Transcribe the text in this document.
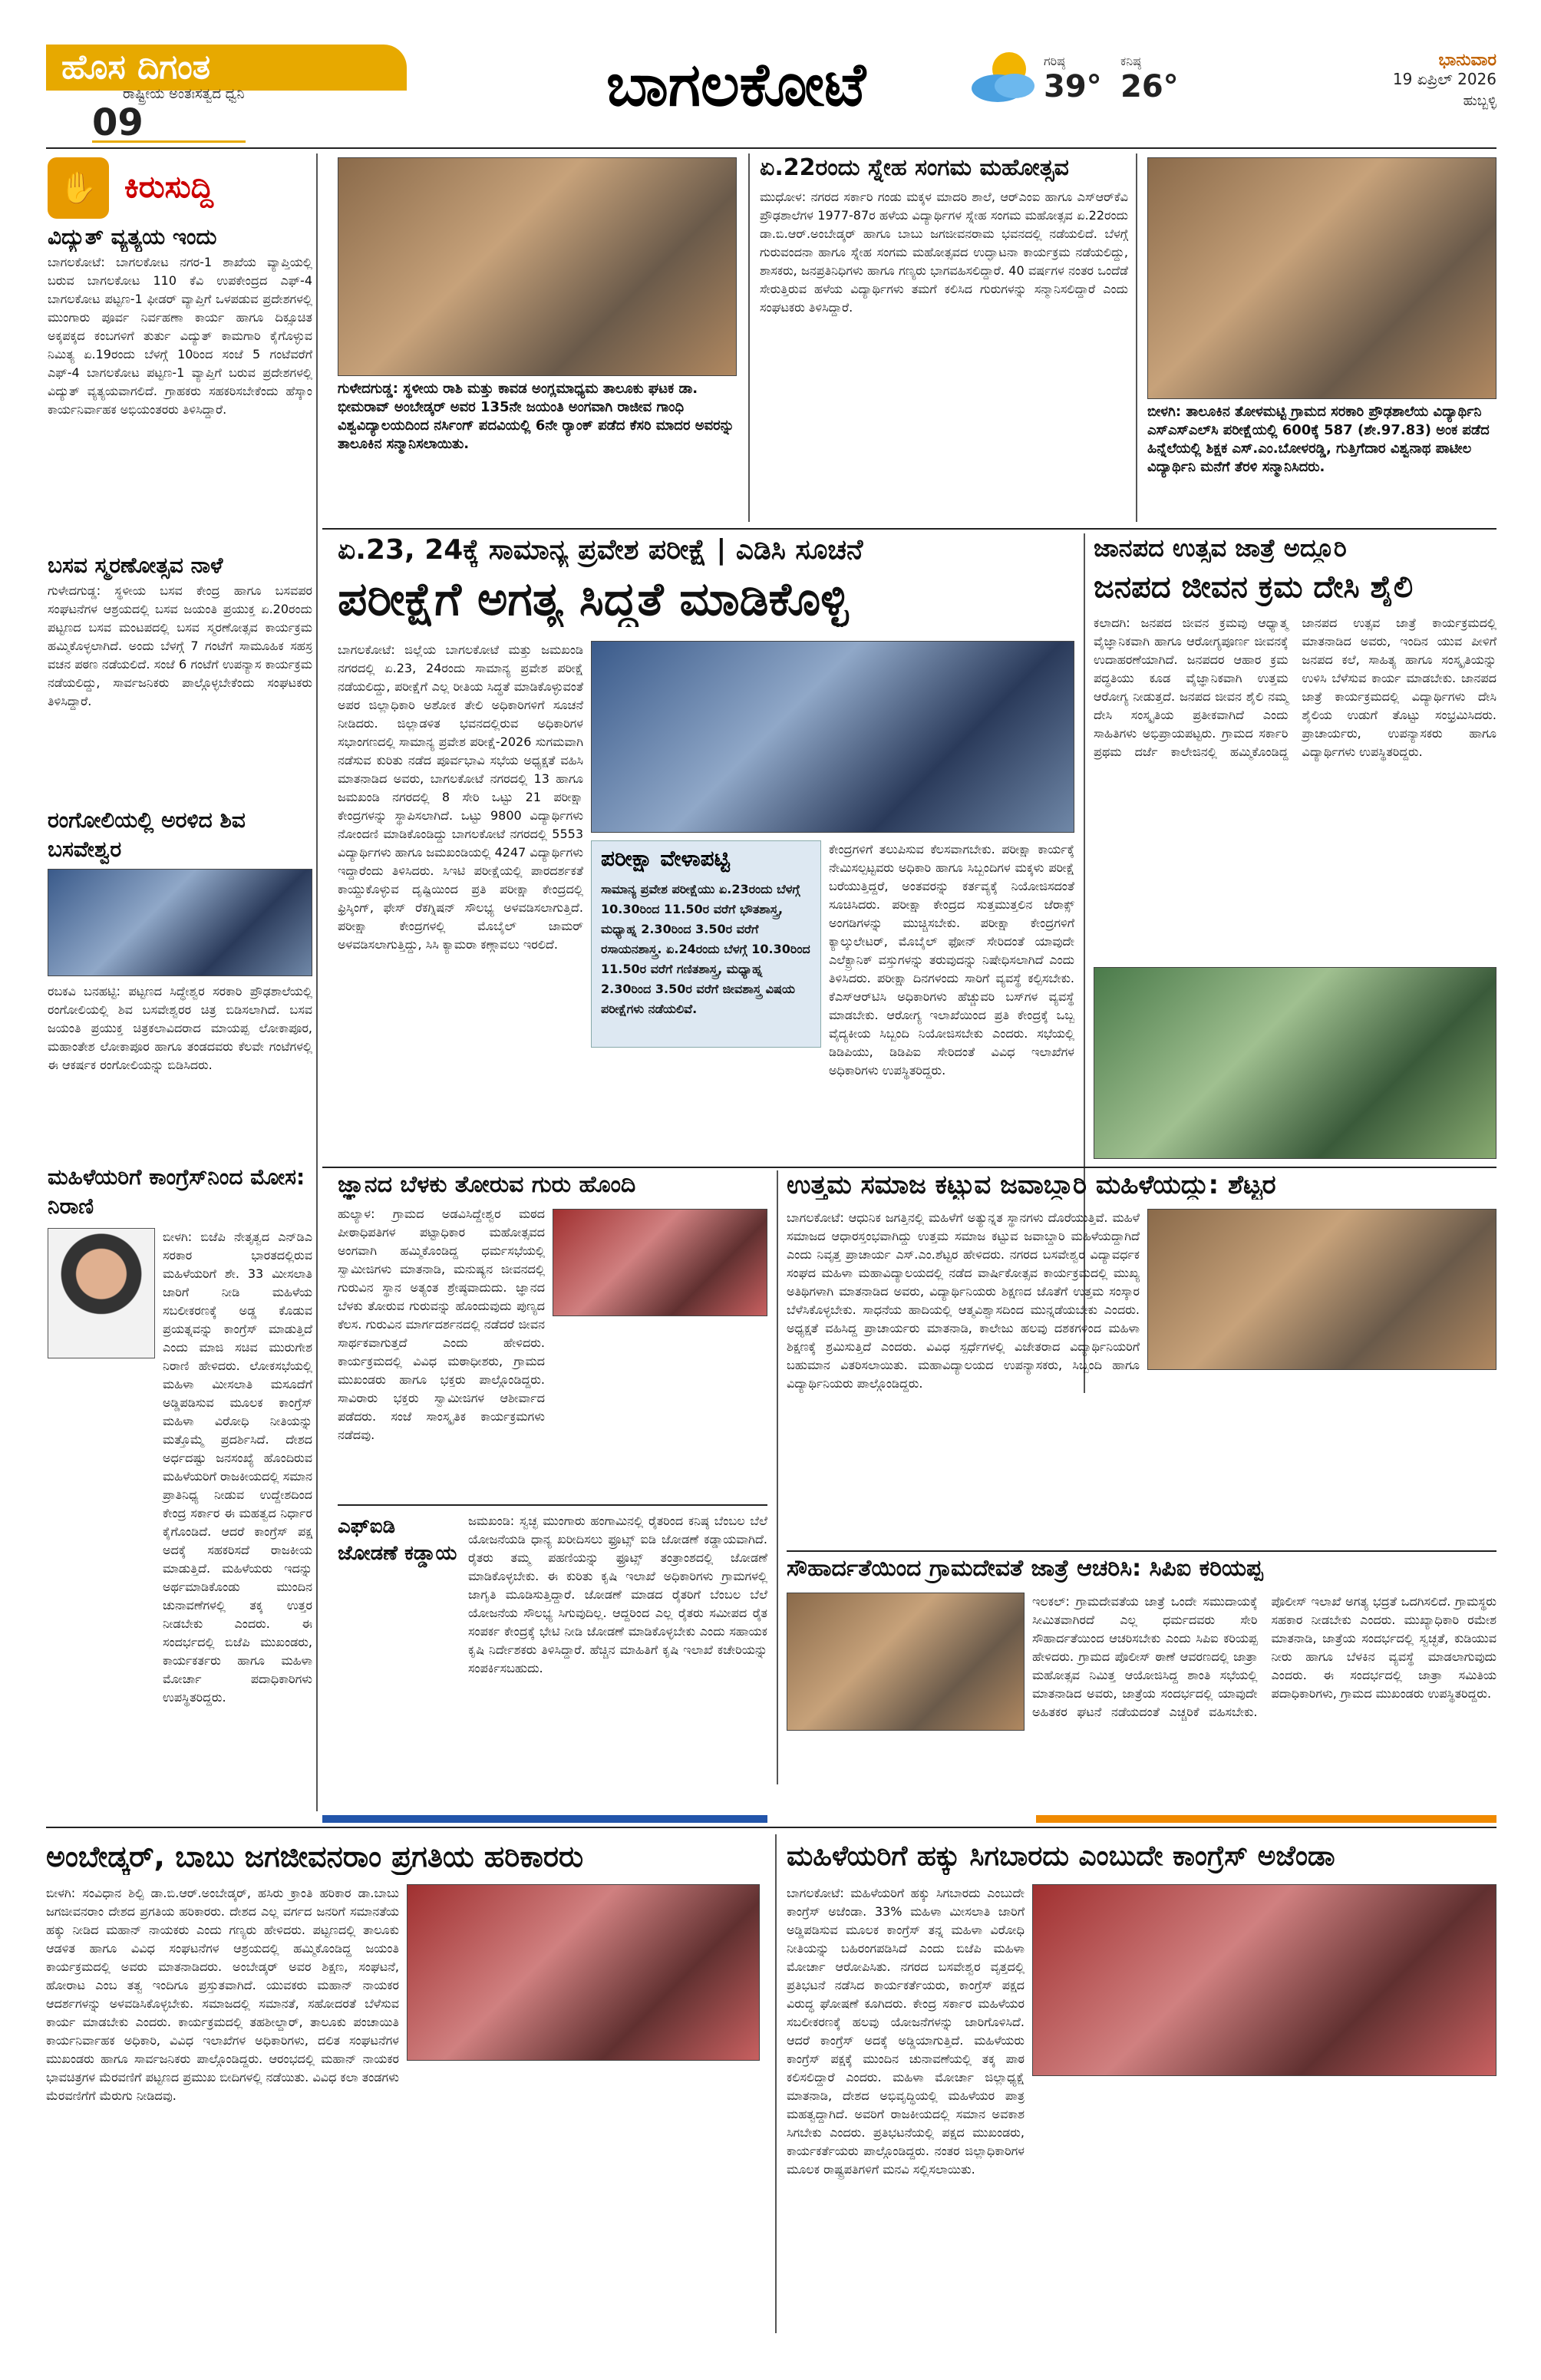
ಹೊಸ ದಿಗಂತ
ರಾಷ್ಟ್ರೀಯ ಅಂತಃಸತ್ವದ ಧ್ವನಿ
09
ಬಾಗಲಕೋಟೆ	ಗರಿಷ್ಠ
39°
ಕನಿಷ್ಠ
26°
ಭಾನುವಾರ
19 ಏಪ್ರಿಲ್ 2026
ಹುಬ್ಬಳ್ಳಿ
✋ ಕಿರುಸುದ್ದಿ
ವಿದ್ಯುತ್ ವ್ಯತ್ಯಯ ಇಂದು
ಬಾಗಲಕೋಟೆ: ಬಾಗಲಕೋಟ ನಗರ-1 ಶಾಖೆಯ ವ್ಯಾಪ್ತಿಯಲ್ಲಿ ಬರುವ ಬಾಗಲಕೋಟ 110 ಕೆವಿ ಉಪಕೇಂದ್ರದ ಎಫ್-4 ಬಾಗಲಕೋಟ ಪಟ್ಟಣ-1 ಫೀಡರ್ ವ್ಯಾಪ್ತಿಗೆ ಒಳಪಡುವ ಪ್ರದೇಶಗಳಲ್ಲಿ ಮುಂಗಾರು ಪೂರ್ವ ನಿರ್ವಹಣಾ ಕಾರ್ಯ ಹಾಗೂ ದಿಕ್ಸೂಚಿತ ಅಕ್ಕಪಕ್ಕದ ಕಂಬಗಳಿಗೆ ತುರ್ತು ವಿದ್ಯುತ್ ಕಾಮಗಾರಿ ಕೈಗೊಳ್ಳುವ ನಿಮಿತ್ಯ ಏ.19ರಂದು ಬೆಳಗ್ಗೆ 10ರಿಂದ ಸಂಜೆ 5 ಗಂಟೆವರೆಗೆ ಎಫ್-4 ಬಾಗಲಕೋಟ ಪಟ್ಟಣ-1 ವ್ಯಾಪ್ತಿಗೆ ಬರುವ ಪ್ರದೇಶಗಳಲ್ಲಿ ವಿದ್ಯುತ್ ವ್ಯತ್ಯಯವಾಗಲಿದೆ. ಗ್ರಾಹಕರು ಸಹಕರಿಸಬೇಕೆಂದು ಹೆಸ್ಕಾಂ ಕಾರ್ಯನಿರ್ವಾಹಕ ಅಭಿಯಂತರರು ತಿಳಿಸಿದ್ದಾರೆ.
ಬಸವ ಸ್ಮರಣೋತ್ಸವ ನಾಳೆ
ಗುಳೇದಗುಡ್ಡ: ಸ್ಥಳೀಯ ಬಸವ ಕೇಂದ್ರ ಹಾಗೂ ಬಸವಪರ ಸಂಘಟನೆಗಳ ಆಶ್ರಯದಲ್ಲಿ ಬಸವ ಜಯಂತಿ ಪ್ರಯುಕ್ತ ಏ.20ರಂದು ಪಟ್ಟಣದ ಬಸವ ಮಂಟಪದಲ್ಲಿ ಬಸವ ಸ್ಮರಣೋತ್ಸವ ಕಾರ್ಯಕ್ರಮ ಹಮ್ಮಿಕೊಳ್ಳಲಾಗಿದೆ. ಅಂದು ಬೆಳಗ್ಗೆ 7 ಗಂಟೆಗೆ ಸಾಮೂಹಿಕ ಸಹಸ್ರ ವಚನ ಪಠಣ ನಡೆಯಲಿದೆ. ಸಂಜೆ 6 ಗಂಟೆಗೆ ಉಪನ್ಯಾಸ ಕಾರ್ಯಕ್ರಮ ನಡೆಯಲಿದ್ದು, ಸಾರ್ವಜನಿಕರು ಪಾಲ್ಗೊಳ್ಳಬೇಕೆಂದು ಸಂಘಟಕರು ತಿಳಿಸಿದ್ದಾರೆ.
ರಂಗೋಲಿಯಲ್ಲಿ ಅರಳಿದ ಶಿವ ಬಸವೇಶ್ವರ
ರಬಕವಿ ಬನಹಟ್ಟಿ: ಪಟ್ಟಣದ ಸಿದ್ಧೇಶ್ವರ ಸರಕಾರಿ ಪ್ರೌಢಶಾಲೆಯಲ್ಲಿ ರಂಗೋಲಿಯಲ್ಲಿ ಶಿವ ಬಸವೇಶ್ವರರ ಚಿತ್ರ ಬಿಡಿಸಲಾಗಿದೆ. ಬಸವ ಜಯಂತಿ ಪ್ರಯುಕ್ತ ಚಿತ್ರಕಲಾವಿದರಾದ ಮಾಯಪ್ಪ ಲೋಕಾಪೂರ, ಮಹಾಂತೇಶ ಲೋಕಾಪೂರ ಹಾಗೂ ತಂಡದವರು ಕೆಲವೇ ಗಂಟೆಗಳಲ್ಲಿ ಈ ಆಕರ್ಷಕ ರಂಗೋಲಿಯನ್ನು ಬಿಡಿಸಿದರು.
ಮಹಿಳೆಯರಿಗೆ ಕಾಂಗ್ರೆಸ್‌ನಿಂದ ಮೋಸ: ನಿರಾಣಿ
ಬೀಳಗಿ: ಬಿಜೆಪಿ ನೇತೃತ್ವದ ಎನ್‌ಡಿಎ ಸರಕಾರ ಭಾರತದಲ್ಲಿರುವ ಮಹಿಳೆಯರಿಗೆ ಶೇ. 33 ಮೀಸಲಾತಿ ಜಾರಿಗೆ ನೀಡಿ ಮಹಿಳೆಯ ಸಬಲೀಕರಣಕ್ಕೆ ಅಡ್ಡ ಕೊಡುವ ಪ್ರಯತ್ನವನ್ನು ಕಾಂಗ್ರೆಸ್ ಮಾಡುತ್ತಿದೆ ಎಂದು ಮಾಜಿ ಸಚಿವ ಮುರುಗೇಶ ನಿರಾಣಿ ಹೇಳಿದರು. ಲೋಕಸಭೆಯಲ್ಲಿ ಮಹಿಳಾ ಮೀಸಲಾತಿ ಮಸೂದೆಗೆ ಅಡ್ಡಿಪಡಿಸುವ ಮೂಲಕ ಕಾಂಗ್ರೆಸ್ ಮಹಿಳಾ ವಿರೋಧಿ ನೀತಿಯನ್ನು ಮತ್ತೊಮ್ಮೆ ಪ್ರದರ್ಶಿಸಿದೆ. ದೇಶದ ಅರ್ಧದಷ್ಟು ಜನಸಂಖ್ಯೆ ಹೊಂದಿರುವ ಮಹಿಳೆಯರಿಗೆ ರಾಜಕೀಯದಲ್ಲಿ ಸಮಾನ ಪ್ರಾತಿನಿಧ್ಯ ನೀಡುವ ಉದ್ದೇಶದಿಂದ ಕೇಂದ್ರ ಸರ್ಕಾರ ಈ ಮಹತ್ವದ ನಿರ್ಧಾರ ಕೈಗೊಂಡಿದೆ. ಆದರೆ ಕಾಂಗ್ರೆಸ್ ಪಕ್ಷ ಅದಕ್ಕೆ ಸಹಕರಿಸದೆ ರಾಜಕೀಯ ಮಾಡುತ್ತಿದೆ. ಮಹಿಳೆಯರು ಇದನ್ನು ಅರ್ಥಮಾಡಿಕೊಂಡು ಮುಂದಿನ ಚುನಾವಣೆಗಳಲ್ಲಿ ತಕ್ಕ ಉತ್ತರ ನೀಡಬೇಕು ಎಂದರು. ಈ ಸಂದರ್ಭದಲ್ಲಿ ಬಿಜೆಪಿ ಮುಖಂಡರು, ಕಾರ್ಯಕರ್ತರು ಹಾಗೂ ಮಹಿಳಾ ಮೋರ್ಚಾ ಪದಾಧಿಕಾರಿಗಳು ಉಪಸ್ಥಿತರಿದ್ದರು.
ಗುಳೇದಗುಡ್ಡ: ಸ್ಥಳೀಯ ರಾಶಿ ಮತ್ತು ಕಾವಡ ಅಂಗ್ಲಮಾಧ್ಯಮ ತಾಲೂಕು ಘಟಕ ಡಾ. ಭೀಮರಾವ್ ಅಂಬೇಡ್ಕರ್ ಅವರ 135ನೇ ಜಯಂತಿ ಅಂಗವಾಗಿ ರಾಜೀವ ಗಾಂಧಿ ವಿಶ್ವವಿದ್ಯಾಲಯದಿಂದ ನರ್ಸಿಂಗ್ ಪದವಿಯಲ್ಲಿ 6ನೇ ರ‍್ಯಾಂಕ್ ಪಡೆದ ಕೆಸರಿ ಮಾದರ ಅವರನ್ನು ತಾಲೂಕಿನ ಸನ್ಮಾನಿಸಲಾಯಿತು.
ಏ.22ರಂದು ಸ್ನೇಹ ಸಂಗಮ ಮಹೋತ್ಸವ
ಮುಧೋಳ: ನಗರದ ಸರ್ಕಾರಿ ಗಂಡು ಮಕ್ಕಳ ಮಾದರಿ ಶಾಲೆ, ಆರ್‌ಎಂಐ ಹಾಗೂ ಎಸ್‌ಆರ್‌ಕೆವಿ ಪ್ರೌಢಶಾಲೆಗಳ 1977-87ರ ಹಳೆಯ ವಿದ್ಯಾರ್ಥಿಗಳ ಸ್ನೇಹ ಸಂಗಮ ಮಹೋತ್ಸವ ಏ.22ರಂದು ಡಾ.ಬಿ.ಆರ್.ಅಂಬೇಡ್ಕರ್ ಹಾಗೂ ಬಾಬು ಜಗಜೀವನರಾಮ ಭವನದಲ್ಲಿ ನಡೆಯಲಿದೆ. ಬೆಳಗ್ಗೆ ಗುರುವಂದನಾ ಹಾಗೂ ಸ್ನೇಹ ಸಂಗಮ ಮಹೋತ್ಸವದ ಉದ್ಘಾಟನಾ ಕಾರ್ಯಕ್ರಮ ನಡೆಯಲಿದ್ದು, ಶಾಸಕರು, ಜನಪ್ರತಿನಿಧಿಗಳು ಹಾಗೂ ಗಣ್ಯರು ಭಾಗವಹಿಸಲಿದ್ದಾರೆ. 40 ವರ್ಷಗಳ ನಂತರ ಒಂದೆಡೆ ಸೇರುತ್ತಿರುವ ಹಳೆಯ ವಿದ್ಯಾರ್ಥಿಗಳು ತಮಗೆ ಕಲಿಸಿದ ಗುರುಗಳನ್ನು ಸನ್ಮಾನಿಸಲಿದ್ದಾರೆ ಎಂದು ಸಂಘಟಕರು ತಿಳಿಸಿದ್ದಾರೆ.
ಬೀಳಗಿ: ತಾಲೂಕಿನ ತೋಳಮಟ್ಟಿ ಗ್ರಾಮದ ಸರಕಾರಿ ಪ್ರೌಢಶಾಲೆಯ ವಿದ್ಯಾರ್ಥಿನಿ ಎಸ್‌ಎಸ್‌ಎಲ್‌ಸಿ ಪರೀಕ್ಷೆಯಲ್ಲಿ 600ಕ್ಕೆ 587 (ಶೇ.97.83) ಅಂಕ ಪಡೆದ ಹಿನ್ನೆಲೆಯಲ್ಲಿ ಶಿಕ್ಷಕ ಎಸ್.ಎಂ.ಬೋಳರಡ್ಡಿ, ಗುತ್ತಿಗೆದಾರ ವಿಶ್ವನಾಥ ಪಾಟೀಲ ವಿದ್ಯಾರ್ಥಿನಿ ಮನೆಗೆ ತೆರಳಿ ಸನ್ಮಾನಿಸಿದರು.
ಏ.23, 24ಕ್ಕೆ ಸಾಮಾನ್ಯ ಪ್ರವೇಶ ಪರೀಕ್ಷೆ | ಎಡಿಸಿ ಸೂಚನೆ
ಪರೀಕ್ಷೆಗೆ ಅಗತ್ಯ ಸಿದ್ಧತೆ ಮಾಡಿಕೊಳ್ಳಿ
ಬಾಗಲಕೋಟೆ: ಜಿಲ್ಲೆಯ ಬಾಗಲಕೋಟೆ ಮತ್ತು ಜಮಖಂಡಿ ನಗರದಲ್ಲಿ ಏ.23, 24ರಂದು ಸಾಮಾನ್ಯ ಪ್ರವೇಶ ಪರೀಕ್ಷೆ ನಡೆಯಲಿದ್ದು, ಪರೀಕ್ಷೆಗೆ ಎಲ್ಲ ರೀತಿಯ ಸಿದ್ಧತೆ ಮಾಡಿಕೊಳ್ಳುವಂತೆ ಅಪರ ಜಿಲ್ಲಾಧಿಕಾರಿ ಅಶೋಕ ತೇಲಿ ಅಧಿಕಾರಿಗಳಿಗೆ ಸೂಚನೆ ನೀಡಿದರು. ಜಿಲ್ಲಾಡಳಿತ ಭವನದಲ್ಲಿರುವ ಅಧಿಕಾರಿಗಳ ಸಭಾಂಗಣದಲ್ಲಿ ಸಾಮಾನ್ಯ ಪ್ರವೇಶ ಪರೀಕ್ಷೆ-2026 ಸುಗಮವಾಗಿ ನಡೆಸುವ ಕುರಿತು ನಡೆದ ಪೂರ್ವಭಾವಿ ಸಭೆಯ ಅಧ್ಯಕ್ಷತೆ ವಹಿಸಿ ಮಾತನಾಡಿದ ಅವರು, ಬಾಗಲಕೋಟೆ ನಗರದಲ್ಲಿ 13 ಹಾಗೂ ಜಮಖಂಡಿ ನಗರದಲ್ಲಿ 8 ಸೇರಿ ಒಟ್ಟು 21 ಪರೀಕ್ಷಾ ಕೇಂದ್ರಗಳನ್ನು ಸ್ಥಾಪಿಸಲಾಗಿದೆ. ಒಟ್ಟು 9800 ವಿದ್ಯಾರ್ಥಿಗಳು ನೋಂದಣಿ ಮಾಡಿಕೊಂಡಿದ್ದು ಬಾಗಲಕೋಟೆ ನಗರದಲ್ಲಿ 5553 ವಿದ್ಯಾರ್ಥಿಗಳು ಹಾಗೂ ಜಮಖಂಡಿಯಲ್ಲಿ 4247 ವಿದ್ಯಾರ್ಥಿಗಳು ಇದ್ದಾರೆಂದು ತಿಳಿಸಿದರು. ಸಿಇಟಿ ಪರೀಕ್ಷೆಯಲ್ಲಿ ಪಾರದರ್ಶಕತೆ ಕಾಯ್ದುಕೊಳ್ಳುವ ದೃಷ್ಟಿಯಿಂದ ಪ್ರತಿ ಪರೀಕ್ಷಾ ಕೇಂದ್ರದಲ್ಲಿ ಫ್ರಿಸ್ಕಿಂಗ್, ಫೇಸ್ ರೆಕಗ್ನಿಷನ್ ಸೌಲಭ್ಯ ಅಳವಡಿಸಲಾಗುತ್ತಿದೆ. ಪರೀಕ್ಷಾ ಕೇಂದ್ರಗಳಲ್ಲಿ ಮೊಬೈಲ್ ಜಾಮರ್ ಅಳವಡಿಸಲಾಗುತ್ತಿದ್ದು, ಸಿಸಿ ಕ್ಯಾಮರಾ ಕಣ್ಗಾವಲು ಇರಲಿದೆ.
ಪರೀಕ್ಷಾ ವೇಳಾಪಟ್ಟಿ
ಸಾಮಾನ್ಯ ಪ್ರವೇಶ ಪರೀಕ್ಷೆಯು ಏ.23ರಂದು ಬೆಳಗ್ಗೆ 10.30ರಿಂದ 11.50ರ ವರೆಗೆ ಭೌತಶಾಸ್ತ್ರ, ಮಧ್ಯಾಹ್ನ 2.30ರಿಂದ 3.50ರ ವರೆಗೆ ರಸಾಯನಶಾಸ್ತ್ರ. ಏ.24ರಂದು ಬೆಳಗ್ಗೆ 10.30ರಿಂದ 11.50ರ ವರೆಗೆ ಗಣಿತಶಾಸ್ತ್ರ, ಮಧ್ಯಾಹ್ನ 2.30ರಿಂದ 3.50ರ ವರೆಗೆ ಜೀವಶಾಸ್ತ್ರ ವಿಷಯ ಪರೀಕ್ಷೆಗಳು ನಡೆಯಲಿವೆ.
ಕೇಂದ್ರಗಳಿಗೆ ತಲುಪಿಸುವ ಕೆಲಸವಾಗಬೇಕು. ಪರೀಕ್ಷಾ ಕಾರ್ಯಕ್ಕೆ ನೇಮಿಸಲ್ಪಟ್ಟವರು ಅಧಿಕಾರಿ ಹಾಗೂ ಸಿಬ್ಬಂದಿಗಳ ಮಕ್ಕಳು ಪರೀಕ್ಷೆ ಬರೆಯುತ್ತಿದ್ದರೆ, ಅಂತವರನ್ನು ಕರ್ತವ್ಯಕ್ಕೆ ನಿಯೋಜಿಸದಂತೆ ಸೂಚಿಸಿದರು. ಪರೀಕ್ಷಾ ಕೇಂದ್ರದ ಸುತ್ತಮುತ್ತಲಿನ ಜೆರಾಕ್ಸ್ ಅಂಗಡಿಗಳನ್ನು ಮುಚ್ಚಿಸಬೇಕು. ಪರೀಕ್ಷಾ ಕೇಂದ್ರಗಳಿಗೆ ಕ್ಯಾಲ್ಕುಲೇಟರ್, ಮೊಬೈಲ್ ಫೋನ್ ಸೇರಿದಂತೆ ಯಾವುದೇ ಎಲೆಕ್ಟ್ರಾನಿಕ್ ವಸ್ತುಗಳನ್ನು ತರುವುದನ್ನು ನಿಷೇಧಿಸಲಾಗಿದೆ ಎಂದು ತಿಳಿಸಿದರು. ಪರೀಕ್ಷಾ ದಿನಗಳಂದು ಸಾರಿಗೆ ವ್ಯವಸ್ಥೆ ಕಲ್ಪಿಸಬೇಕು. ಕೆಎಸ್‌ಆರ್‌ಟಿಸಿ ಅಧಿಕಾರಿಗಳು ಹೆಚ್ಚುವರಿ ಬಸ್‌ಗಳ ವ್ಯವಸ್ಥೆ ಮಾಡಬೇಕು. ಆರೋಗ್ಯ ಇಲಾಖೆಯಿಂದ ಪ್ರತಿ ಕೇಂದ್ರಕ್ಕೆ ಒಬ್ಬ ವೈದ್ಯಕೀಯ ಸಿಬ್ಬಂದಿ ನಿಯೋಜಿಸಬೇಕು ಎಂದರು. ಸಭೆಯಲ್ಲಿ ಡಿಡಿಪಿಯು, ಡಿಡಿಪಿಐ ಸೇರಿದಂತೆ ವಿವಿಧ ಇಲಾಖೆಗಳ ಅಧಿಕಾರಿಗಳು ಉಪಸ್ಥಿತರಿದ್ದರು.
ಜಾನಪದ ಉತ್ಸವ ಜಾತ್ರೆ ಅದ್ದೂರಿ
ಜನಪದ ಜೀವನ ಕ್ರಮ ದೇಸಿ ಶೈಲಿ
ಕಲಾದಗಿ: ಜನಪದ ಜೀವನ ಕ್ರಮವು ಆಧ್ಯಾತ್ಮ ವೈಜ್ಞಾನಿಕವಾಗಿ ಹಾಗೂ ಆರೋಗ್ಯಪೂರ್ಣ ಜೀವನಕ್ಕೆ ಉದಾಹರಣೆಯಾಗಿದೆ. ಜನಪದರ ಆಹಾರ ಕ್ರಮ ಪದ್ಧತಿಯು ಕೂಡ ವೈಜ್ಞಾನಿಕವಾಗಿ ಉತ್ತಮ ಆರೋಗ್ಯ ನೀಡುತ್ತದೆ. ಜನಪದ ಜೀವನ ಶೈಲಿ ನಮ್ಮ ದೇಸಿ ಸಂಸ್ಕೃತಿಯ ಪ್ರತೀಕವಾಗಿದೆ ಎಂದು ಸಾಹಿತಿಗಳು ಅಭಿಪ್ರಾಯಪಟ್ಟರು. ಗ್ರಾಮದ ಸರ್ಕಾರಿ ಪ್ರಥಮ ದರ್ಜೆ ಕಾಲೇಜಿನಲ್ಲಿ ಹಮ್ಮಿಕೊಂಡಿದ್ದ ಜಾನಪದ ಉತ್ಸವ ಜಾತ್ರೆ ಕಾರ್ಯಕ್ರಮದಲ್ಲಿ ಮಾತನಾಡಿದ ಅವರು, ಇಂದಿನ ಯುವ ಪೀಳಿಗೆ ಜನಪದ ಕಲೆ, ಸಾಹಿತ್ಯ ಹಾಗೂ ಸಂಸ್ಕೃತಿಯನ್ನು ಉಳಿಸಿ ಬೆಳೆಸುವ ಕಾರ್ಯ ಮಾಡಬೇಕು. ಜಾನಪದ ಜಾತ್ರೆ ಕಾರ್ಯಕ್ರಮದಲ್ಲಿ ವಿದ್ಯಾರ್ಥಿಗಳು ದೇಸಿ ಶೈಲಿಯ ಉಡುಗೆ ತೊಟ್ಟು ಸಂಭ್ರಮಿಸಿದರು. ಪ್ರಾಚಾರ್ಯರು, ಉಪನ್ಯಾಸಕರು ಹಾಗೂ ವಿದ್ಯಾರ್ಥಿಗಳು ಉಪಸ್ಥಿತರಿದ್ದರು.
ಜ್ಞಾನದ ಬೆಳಕು ತೋರುವ ಗುರು ಹೊಂದಿ
ಹುಲ್ಯಾಳ: ಗ್ರಾಮದ ಅಡವಿಸಿದ್ದೇಶ್ವರ ಮಠದ ಪೀಠಾಧಿಪತಿಗಳ ಪಟ್ಟಾಧಿಕಾರ ಮಹೋತ್ಸವದ ಅಂಗವಾಗಿ ಹಮ್ಮಿಕೊಂಡಿದ್ದ ಧರ್ಮಸಭೆಯಲ್ಲಿ ಸ್ವಾಮೀಜಿಗಳು ಮಾತನಾಡಿ, ಮನುಷ್ಯನ ಜೀವನದಲ್ಲಿ ಗುರುವಿನ ಸ್ಥಾನ ಅತ್ಯಂತ ಶ್ರೇಷ್ಠವಾದುದು. ಜ್ಞಾನದ ಬೆಳಕು ತೋರುವ ಗುರುವನ್ನು ಹೊಂದುವುದು ಪುಣ್ಯದ ಕೆಲಸ. ಗುರುವಿನ ಮಾರ್ಗದರ್ಶನದಲ್ಲಿ ನಡೆದರೆ ಜೀವನ ಸಾರ್ಥಕವಾಗುತ್ತದೆ ಎಂದು ಹೇಳಿದರು. ಕಾರ್ಯಕ್ರಮದಲ್ಲಿ ವಿವಿಧ ಮಠಾಧೀಶರು, ಗ್ರಾಮದ ಮುಖಂಡರು ಹಾಗೂ ಭಕ್ತರು ಪಾಲ್ಗೊಂಡಿದ್ದರು. ಸಾವಿರಾರು ಭಕ್ತರು ಸ್ವಾಮೀಜಿಗಳ ಆಶೀರ್ವಾದ ಪಡೆದರು. ಸಂಜೆ ಸಾಂಸ್ಕೃತಿಕ ಕಾರ್ಯಕ್ರಮಗಳು ನಡೆದವು.
ಎಫ್‌ಐಡಿ
ಜೋಡಣೆ ಕಡ್ಡಾಯ
ಜಮಖಂಡಿ: ಸ್ವಚ್ಛ ಮುಂಗಾರು ಹಂಗಾಮಿನಲ್ಲಿ ರೈತರಿಂದ ಕನಿಷ್ಠ ಬೆಂಬಲ ಬೆಲೆ ಯೋಜನೆಯಡಿ ಧಾನ್ಯ ಖರೀದಿಸಲು ಫ್ರೂಟ್ಸ್ ಐಡಿ ಜೋಡಣೆ ಕಡ್ಡಾಯವಾಗಿದೆ. ರೈತರು ತಮ್ಮ ಪಹಣಿಯನ್ನು ಫ್ರೂಟ್ಸ್ ತಂತ್ರಾಂಶದಲ್ಲಿ ಜೋಡಣೆ ಮಾಡಿಕೊಳ್ಳಬೇಕು. ಈ ಕುರಿತು ಕೃಷಿ ಇಲಾಖೆ ಅಧಿಕಾರಿಗಳು ಗ್ರಾಮಗಳಲ್ಲಿ ಜಾಗೃತಿ ಮೂಡಿಸುತ್ತಿದ್ದಾರೆ. ಜೋಡಣೆ ಮಾಡದ ರೈತರಿಗೆ ಬೆಂಬಲ ಬೆಲೆ ಯೋಜನೆಯ ಸೌಲಭ್ಯ ಸಿಗುವುದಿಲ್ಲ. ಆದ್ದರಿಂದ ಎಲ್ಲ ರೈತರು ಸಮೀಪದ ರೈತ ಸಂಪರ್ಕ ಕೇಂದ್ರಕ್ಕೆ ಭೇಟಿ ನೀಡಿ ಜೋಡಣೆ ಮಾಡಿಕೊಳ್ಳಬೇಕು ಎಂದು ಸಹಾಯಕ ಕೃಷಿ ನಿರ್ದೇಶಕರು ತಿಳಿಸಿದ್ದಾರೆ. ಹೆಚ್ಚಿನ ಮಾಹಿತಿಗೆ ಕೃಷಿ ಇಲಾಖೆ ಕಚೇರಿಯನ್ನು ಸಂಪರ್ಕಿಸಬಹುದು.
ಉತ್ತಮ ಸಮಾಜ ಕಟ್ಟುವ ಜವಾಬ್ದಾರಿ ಮಹಿಳೆಯದ್ದು: ಶೆಟ್ಟರ
ಬಾಗಲಕೋಟೆ: ಆಧುನಿಕ ಜಗತ್ತಿನಲ್ಲಿ ಮಹಿಳೆಗೆ ಅತ್ಯುನ್ನತ ಸ್ಥಾನಗಳು ದೊರೆಯುತ್ತಿವೆ. ಮಹಿಳೆ ಸಮಾಜದ ಆಧಾರಸ್ತಂಭವಾಗಿದ್ದು ಉತ್ತಮ ಸಮಾಜ ಕಟ್ಟುವ ಜವಾಬ್ದಾರಿ ಮಹಿಳೆಯದ್ದಾಗಿದೆ ಎಂದು ನಿವೃತ್ತ ಪ್ರಾಚಾರ್ಯ ಎಸ್.ಎಂ.ಶೆಟ್ಟರ ಹೇಳಿದರು. ನಗರದ ಬಸವೇಶ್ವರ ವಿದ್ಯಾವರ್ಧಕ ಸಂಘದ ಮಹಿಳಾ ಮಹಾವಿದ್ಯಾಲಯದಲ್ಲಿ ನಡೆದ ವಾರ್ಷಿಕೋತ್ಸವ ಕಾರ್ಯಕ್ರಮದಲ್ಲಿ ಮುಖ್ಯ ಅತಿಥಿಗಳಾಗಿ ಮಾತನಾಡಿದ ಅವರು, ವಿದ್ಯಾರ್ಥಿನಿಯರು ಶಿಕ್ಷಣದ ಜೊತೆಗೆ ಉತ್ತಮ ಸಂಸ್ಕಾರ ಬೆಳೆಸಿಕೊಳ್ಳಬೇಕು. ಸಾಧನೆಯ ಹಾದಿಯಲ್ಲಿ ಆತ್ಮವಿಶ್ವಾಸದಿಂದ ಮುನ್ನಡೆಯಬೇಕು ಎಂದರು. ಅಧ್ಯಕ್ಷತೆ ವಹಿಸಿದ್ದ ಪ್ರಾಚಾರ್ಯರು ಮಾತನಾಡಿ, ಕಾಲೇಜು ಹಲವು ದಶಕಗಳಿಂದ ಮಹಿಳಾ ಶಿಕ್ಷಣಕ್ಕೆ ಶ್ರಮಿಸುತ್ತಿದೆ ಎಂದರು. ವಿವಿಧ ಸ್ಪರ್ಧೆಗಳಲ್ಲಿ ವಿಜೇತರಾದ ವಿದ್ಯಾರ್ಥಿನಿಯರಿಗೆ ಬಹುಮಾನ ವಿತರಿಸಲಾಯಿತು. ಮಹಾವಿದ್ಯಾಲಯದ ಉಪನ್ಯಾಸಕರು, ಸಿಬ್ಬಂದಿ ಹಾಗೂ ವಿದ್ಯಾರ್ಥಿನಿಯರು ಪಾಲ್ಗೊಂಡಿದ್ದರು.
ಸೌಹಾರ್ದತೆಯಿಂದ ಗ್ರಾಮದೇವತೆ ಜಾತ್ರೆ ಆಚರಿಸಿ: ಸಿಪಿಐ ಕರಿಯಪ್ಪ
ಇಲಕಲ್: ಗ್ರಾಮದೇವತೆಯ ಜಾತ್ರೆ ಒಂದೇ ಸಮುದಾಯಕ್ಕೆ ಸೀಮಿತವಾಗಿರದೆ ಎಲ್ಲ ಧರ್ಮದವರು ಸೇರಿ ಸೌಹಾರ್ದತೆಯಿಂದ ಆಚರಿಸಬೇಕು ಎಂದು ಸಿಪಿಐ ಕರಿಯಪ್ಪ ಹೇಳಿದರು. ಗ್ರಾಮದ ಪೊಲೀಸ್ ಠಾಣೆ ಆವರಣದಲ್ಲಿ ಜಾತ್ರಾ ಮಹೋತ್ಸವ ನಿಮಿತ್ತ ಆಯೋಜಿಸಿದ್ದ ಶಾಂತಿ ಸಭೆಯಲ್ಲಿ ಮಾತನಾಡಿದ ಅವರು, ಜಾತ್ರೆಯ ಸಂದರ್ಭದಲ್ಲಿ ಯಾವುದೇ ಅಹಿತಕರ ಘಟನೆ ನಡೆಯದಂತೆ ಎಚ್ಚರಿಕೆ ವಹಿಸಬೇಕು. ಪೊಲೀಸ್ ಇಲಾಖೆ ಅಗತ್ಯ ಭದ್ರತೆ ಒದಗಿಸಲಿದೆ. ಗ್ರಾಮಸ್ಥರು ಸಹಕಾರ ನೀಡಬೇಕು ಎಂದರು. ಮುಖ್ಯಾಧಿಕಾರಿ ರಮೇಶ ಮಾತನಾಡಿ, ಜಾತ್ರೆಯ ಸಂದರ್ಭದಲ್ಲಿ ಸ್ವಚ್ಛತೆ, ಕುಡಿಯುವ ನೀರು ಹಾಗೂ ಬೆಳಕಿನ ವ್ಯವಸ್ಥೆ ಮಾಡಲಾಗುವುದು ಎಂದರು. ಈ ಸಂದರ್ಭದಲ್ಲಿ ಜಾತ್ರಾ ಸಮಿತಿಯ ಪದಾಧಿಕಾರಿಗಳು, ಗ್ರಾಮದ ಮುಖಂಡರು ಉಪಸ್ಥಿತರಿದ್ದರು.
ಅಂಬೇಡ್ಕರ್, ಬಾಬು ಜಗಜೀವನರಾಂ ಪ್ರಗತಿಯ ಹರಿಕಾರರು
ಬೀಳಗಿ: ಸಂವಿಧಾನ ಶಿಲ್ಪಿ ಡಾ.ಬಿ.ಆರ್.ಅಂಬೇಡ್ಕರ್, ಹಸಿರು ಕ್ರಾಂತಿ ಹರಿಕಾರ ಡಾ.ಬಾಬು ಜಗಜೀವನರಾಂ ದೇಶದ ಪ್ರಗತಿಯ ಹರಿಕಾರರು. ದೇಶದ ಎಲ್ಲ ವರ್ಗದ ಜನರಿಗೆ ಸಮಾನತೆಯ ಹಕ್ಕು ನೀಡಿದ ಮಹಾನ್ ನಾಯಕರು ಎಂದು ಗಣ್ಯರು ಹೇಳಿದರು. ಪಟ್ಟಣದಲ್ಲಿ ತಾಲೂಕು ಆಡಳಿತ ಹಾಗೂ ವಿವಿಧ ಸಂಘಟನೆಗಳ ಆಶ್ರಯದಲ್ಲಿ ಹಮ್ಮಿಕೊಂಡಿದ್ದ ಜಯಂತಿ ಕಾರ್ಯಕ್ರಮದಲ್ಲಿ ಅವರು ಮಾತನಾಡಿದರು. ಅಂಬೇಡ್ಕರ್ ಅವರ ಶಿಕ್ಷಣ, ಸಂಘಟನೆ, ಹೋರಾಟ ಎಂಬ ತತ್ವ ಇಂದಿಗೂ ಪ್ರಸ್ತುತವಾಗಿದೆ. ಯುವಕರು ಮಹಾನ್ ನಾಯಕರ ಆದರ್ಶಗಳನ್ನು ಅಳವಡಿಸಿಕೊಳ್ಳಬೇಕು. ಸಮಾಜದಲ್ಲಿ ಸಮಾನತೆ, ಸಹೋದರತೆ ಬೆಳೆಸುವ ಕಾರ್ಯ ಮಾಡಬೇಕು ಎಂದರು. ಕಾರ್ಯಕ್ರಮದಲ್ಲಿ ತಹಶೀಲ್ದಾರ್, ತಾಲೂಕು ಪಂಚಾಯಿತಿ ಕಾರ್ಯನಿರ್ವಾಹಕ ಅಧಿಕಾರಿ, ವಿವಿಧ ಇಲಾಖೆಗಳ ಅಧಿಕಾರಿಗಳು, ದಲಿತ ಸಂಘಟನೆಗಳ ಮುಖಂಡರು ಹಾಗೂ ಸಾರ್ವಜನಿಕರು ಪಾಲ್ಗೊಂಡಿದ್ದರು. ಆರಂಭದಲ್ಲಿ ಮಹಾನ್ ನಾಯಕರ ಭಾವಚಿತ್ರಗಳ ಮೆರವಣಿಗೆ ಪಟ್ಟಣದ ಪ್ರಮುಖ ಬೀದಿಗಳಲ್ಲಿ ನಡೆಯಿತು. ವಿವಿಧ ಕಲಾ ತಂಡಗಳು ಮೆರವಣಿಗೆಗೆ ಮೆರುಗು ನೀಡಿದವು.
ಮಹಿಳೆಯರಿಗೆ ಹಕ್ಕು ಸಿಗಬಾರದು ಎಂಬುದೇ ಕಾಂಗ್ರೆಸ್ ಅಜೆಂಡಾ
ಬಾಗಲಕೋಟೆ: ಮಹಿಳೆಯರಿಗೆ ಹಕ್ಕು ಸಿಗಬಾರದು ಎಂಬುದೇ ಕಾಂಗ್ರೆಸ್ ಅಜೆಂಡಾ. 33% ಮಹಿಳಾ ಮೀಸಲಾತಿ ಜಾರಿಗೆ ಅಡ್ಡಿಪಡಿಸುವ ಮೂಲಕ ಕಾಂಗ್ರೆಸ್ ತನ್ನ ಮಹಿಳಾ ವಿರೋಧಿ ನೀತಿಯನ್ನು ಬಹಿರಂಗಪಡಿಸಿದೆ ಎಂದು ಬಿಜೆಪಿ ಮಹಿಳಾ ಮೋರ್ಚಾ ಆರೋಪಿಸಿತು. ನಗರದ ಬಸವೇಶ್ವರ ವೃತ್ತದಲ್ಲಿ ಪ್ರತಿಭಟನೆ ನಡೆಸಿದ ಕಾರ್ಯಕರ್ತೆಯರು, ಕಾಂಗ್ರೆಸ್ ಪಕ್ಷದ ವಿರುದ್ಧ ಘೋಷಣೆ ಕೂಗಿದರು. ಕೇಂದ್ರ ಸರ್ಕಾರ ಮಹಿಳೆಯರ ಸಬಲೀಕರಣಕ್ಕೆ ಹಲವು ಯೋಜನೆಗಳನ್ನು ಜಾರಿಗೊಳಿಸಿದೆ. ಆದರೆ ಕಾಂಗ್ರೆಸ್ ಅದಕ್ಕೆ ಅಡ್ಡಿಯಾಗುತ್ತಿದೆ. ಮಹಿಳೆಯರು ಕಾಂಗ್ರೆಸ್ ಪಕ್ಷಕ್ಕೆ ಮುಂದಿನ ಚುನಾವಣೆಯಲ್ಲಿ ತಕ್ಕ ಪಾಠ ಕಲಿಸಲಿದ್ದಾರೆ ಎಂದರು. ಮಹಿಳಾ ಮೋರ್ಚಾ ಜಿಲ್ಲಾಧ್ಯಕ್ಷೆ ಮಾತನಾಡಿ, ದೇಶದ ಅಭಿವೃದ್ಧಿಯಲ್ಲಿ ಮಹಿಳೆಯರ ಪಾತ್ರ ಮಹತ್ವದ್ದಾಗಿದೆ. ಅವರಿಗೆ ರಾಜಕೀಯದಲ್ಲಿ ಸಮಾನ ಅವಕಾಶ ಸಿಗಬೇಕು ಎಂದರು. ಪ್ರತಿಭಟನೆಯಲ್ಲಿ ಪಕ್ಷದ ಮುಖಂಡರು, ಕಾರ್ಯಕರ್ತೆಯರು ಪಾಲ್ಗೊಂಡಿದ್ದರು. ನಂತರ ಜಿಲ್ಲಾಧಿಕಾರಿಗಳ ಮೂಲಕ ರಾಷ್ಟ್ರಪತಿಗಳಿಗೆ ಮನವಿ ಸಲ್ಲಿಸಲಾಯಿತು.
